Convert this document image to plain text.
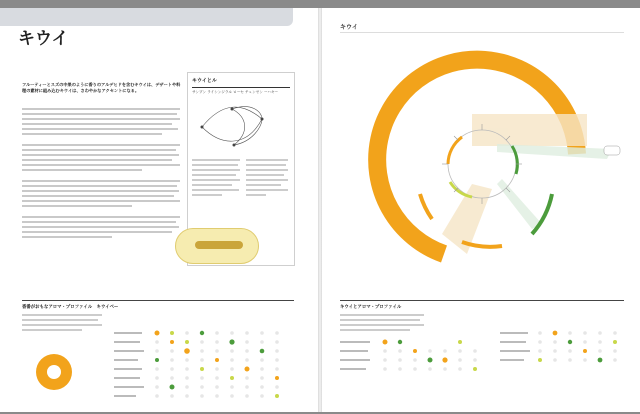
キウイ
フルーティーとスズの中果のように香りのアルデヒドを含むキウイは、デザートや料理の素材に組み込むキウイは、さわやかなアクセントになる。
キウイとル
サンプン ライシンジラル ローセ チェンゼン ーハキー
香番がおもなアロマ・プロファイル　キウイベー
キウイ
キウイとアロマ・プロファイル
